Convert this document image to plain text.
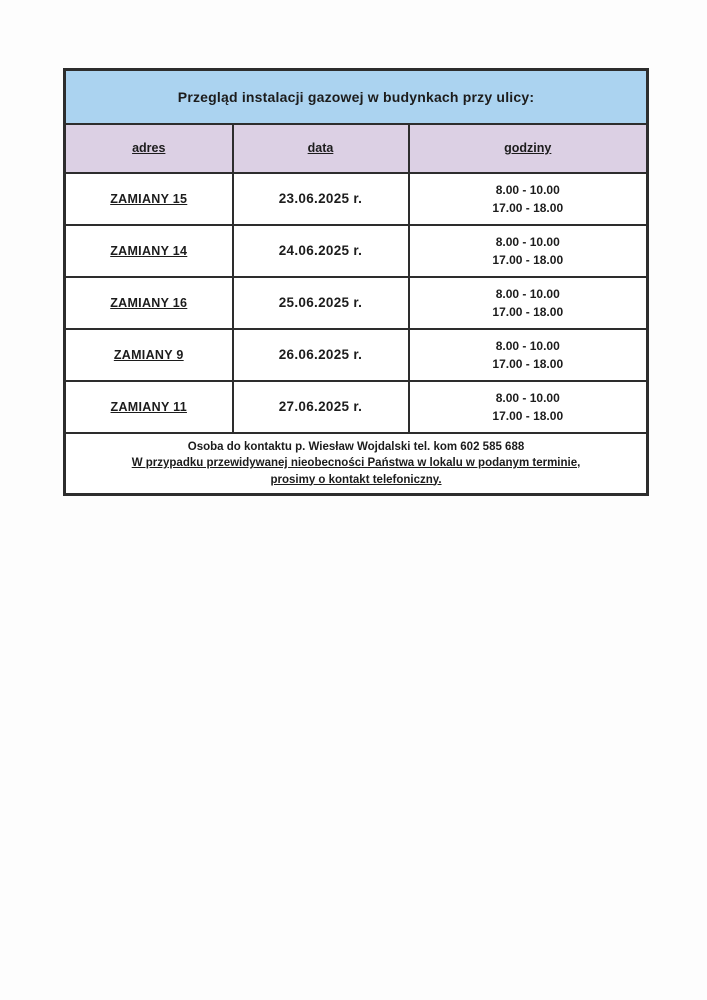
Przegląd instalacji gazowej w budynkach przy ulicy:		
adres	data	godziny
ZAMIANY 15	23.06.2025 r.	8.00 - 10.00
17.00 - 18.00

ZAMIANY 14	24.06.2025 r.	8.00 - 10.00
17.00 - 18.00

ZAMIANY 16	25.06.2025 r.	8.00 - 10.00
17.00 - 18.00

ZAMIANY 9	26.06.2025 r.	8.00 - 10.00
17.00 - 18.00

ZAMIANY 11	27.06.2025 r.	8.00 - 10.00
17.00 - 18.00

Osoba do kontaktu p. Wiesław Wojdalski tel. kom 602 585 688
W przypadku przewidywanej nieobecności Państwa w lokalu w podanym terminie,
prosimy o kontakt telefoniczny.		
